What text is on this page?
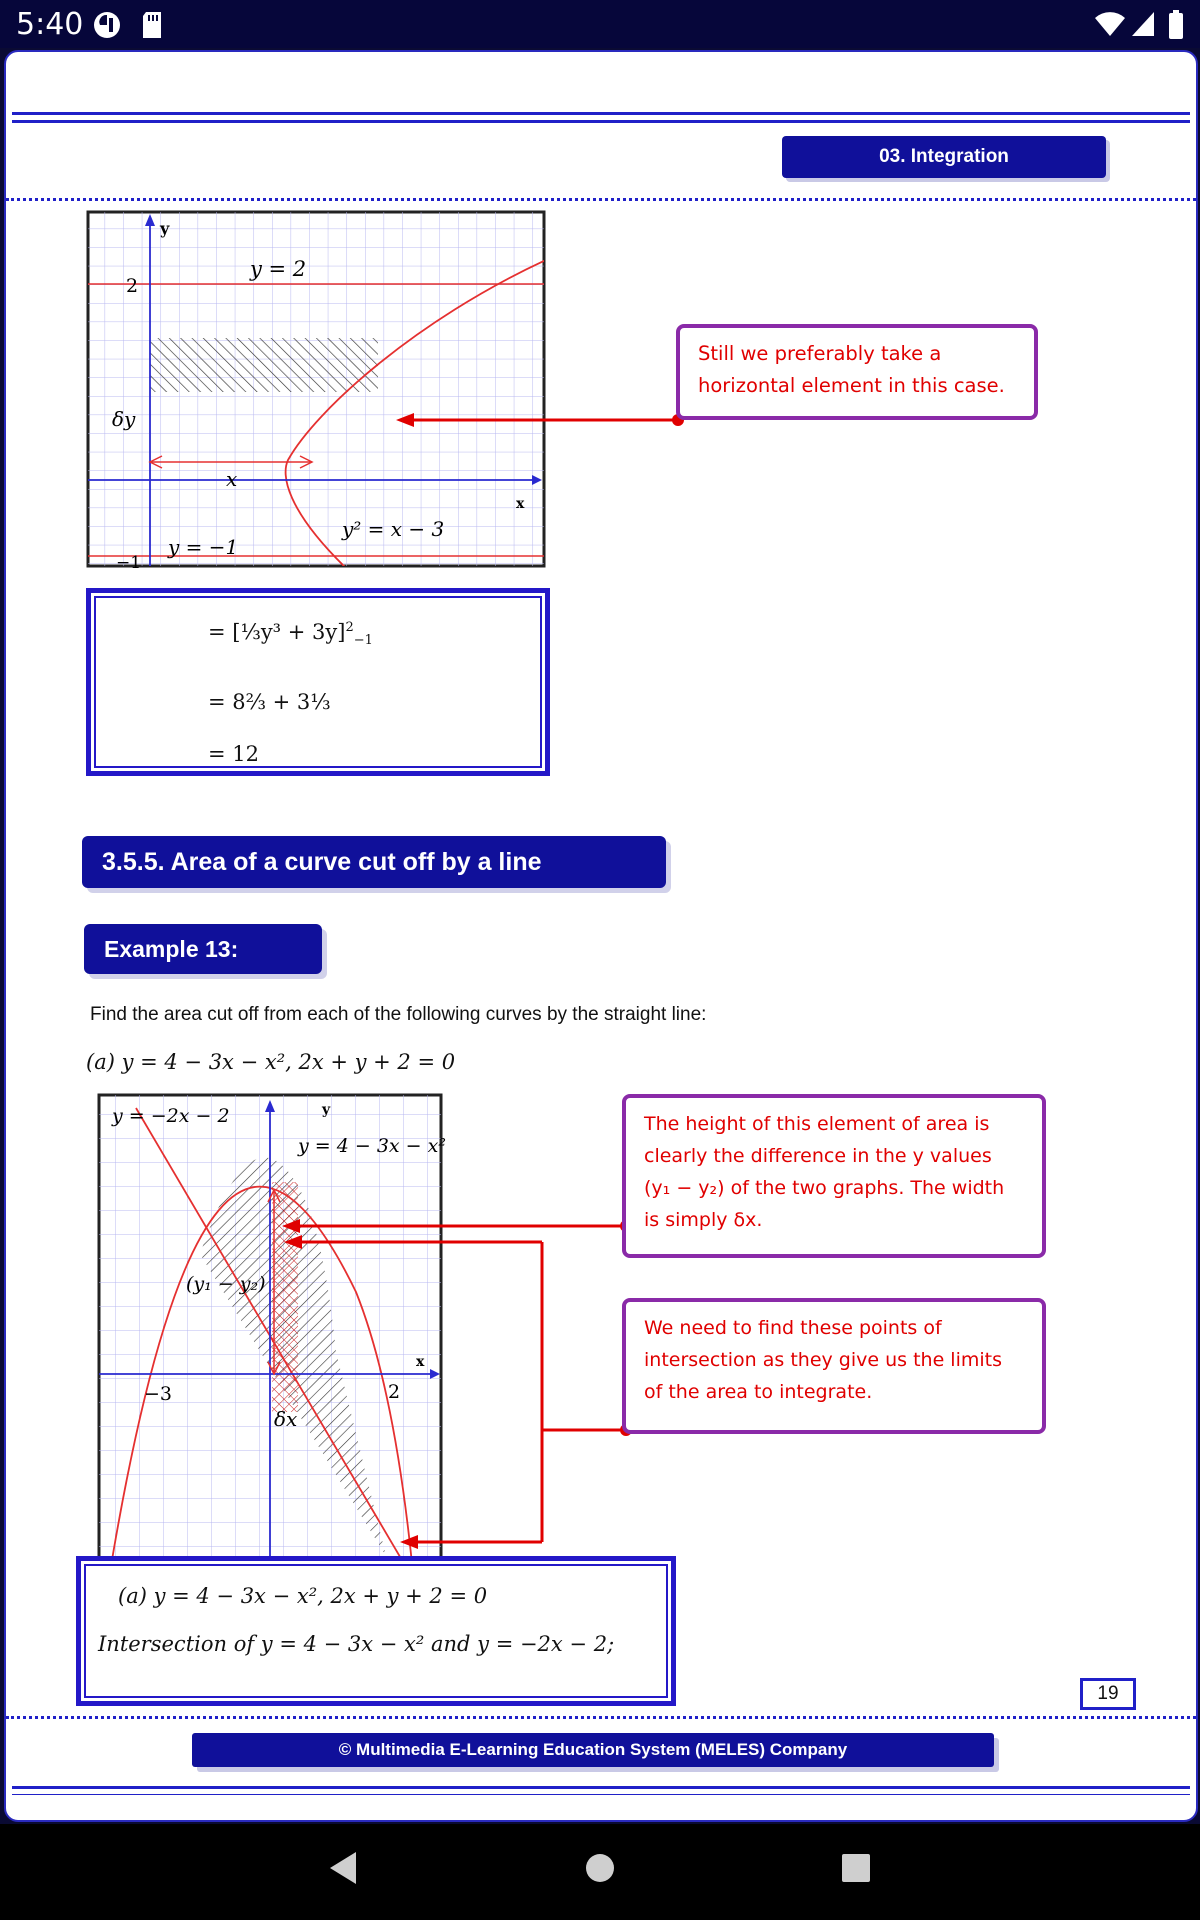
5:40
03. Integration
y
x
y = 2
2
δy
x
y² = x − 3
y = −1
−1
Still we preferably take a horizontal element in this case.
= [⅓y³ + 3y]$^2_{-1}$
= 8⅔ + 3⅓
= 12
3.5.5. Area of a curve cut off by a line
Example 13:
Find the area cut off from each of the following curves by the straight line:
(a) y = 4 − 3x − x², 2x + y + 2 = 0
y = −2x − 2	y
y = 4 − 3x − x²
(y₁ − y₂)
x
−3	2
δx
The height of this element of area is clearly the difference in the y values (y₁ − y₂) of the two graphs. The width is simply δx.
We need to find these points of intersection as they give us the limits of the area to integrate.
(a) y = 4 − 3x − x², 2x + y + 2 = 0
Intersection of y = 4 − 3x − x² and y = −2x − 2;
19
© Multimedia E-Learning Education System (MELES) Company
